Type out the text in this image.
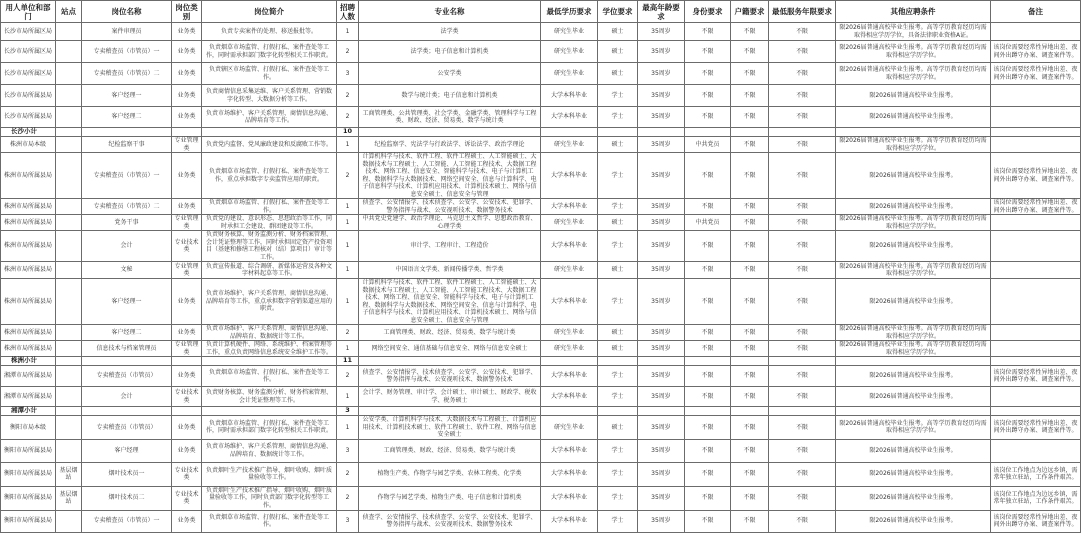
用人单位和部门	站点	岗位名称	岗位类别	岗位简介	招聘人数	专业名称	最低学历要求	学位要求	最高年龄要求	身份要求	户籍要求	最低服务年限要求	其他应聘条件	备注
长沙市局所属区局		案件审理员	业务类	负责专卖案件的处理、移送报批等。	1	法学类	研究生毕业	硕士	35周岁	不限	不限	不限	限2026届普通高校毕业生报考。高等学历教育经历均需取得相应学历学位，具备法律职业资格A证。	
长沙市局所属区局		专卖稽查员（市管员）一	业务类	负责烟草市场监管、打假打私、案件查处等工作，同时需承担部门数字化转型相关工作职责。	2	法学类；电子信息和计算机类	研究生毕业	硕士	35周岁	不限	不限	不限	限2026届普通高校毕业生报考。高等学历教育经历均需取得相应学历学位。	该岗位需要经常性异地出差、夜间外出蹲守办案、调查案件等。
长沙市局所属区局		专卖稽查员（市管员）二	业务类	负责辖区市场监管、打假打私、案件查处等工作。	3	公安学类	研究生毕业	硕士	35周岁	不限	不限	不限	限2026届普通高校毕业生报考。高等学历教育经历均需取得相应学历学位。	该岗位需要经常性异地出差、夜间外出蹲守办案、调查案件等。
长沙市局所属县局		客户经理一	业务类	负责商情信息采集运维、客户关系管理、营销数字化转型、大数据分析等工作。	2	数学与统计类；电子信息和计算机类	大学本科毕业	学士	35周岁	不限	不限	不限	限2026届普通高校毕业生报考。	
长沙市局所属县局		客户经理二	业务类	负责市场维护、客户关系管理、商情信息沟通、品牌培育等工作。	2	工商管理类、公共管理类、社会学类、金融学类、管理科学与工程类、财政、经济、贸易类、数学与统计类	大学本科毕业	学士	35周岁	不限	不限	不限	限2026届普通高校毕业生报考。	
长沙小计					10									
株洲市局本级		纪检监察干事	专业管理类	负责党内监督、党风廉政建设和反腐败工作等。	1	纪检监察学、宪法学与行政法学、诉讼法学、政治学理论	研究生毕业	硕士	35周岁	中共党员	不限	不限	限2026届普通高校毕业生报考。高等学历教育经历均需取得相应学历学位。	
株洲市局所属县局		专卖稽查员（市管员）一	业务类	负责烟草市场监管、打假打私、案件查处等工作，重点承担数字专卖监管应用的职责。	2	计算机科学与技术、软件工程、软件工程硕士、人工智能硕士、大数据技术与工程硕士、人工智能、人工智能工程技术、大数据工程技术、网络工程、信息安全、智能科学与技术、电子与计算机工程、数据科学与大数据技术、网络空间安全、信息与计算科学、电子信息科学与技术、计算机应用技术、计算机技术硕士、网络与信息安全硕士、信息安全与管理	大学本科毕业	学士	35周岁	不限	不限	不限	限2026届普通高校毕业生报考。	该岗位需要经常性异地出差、夜间外出蹲守办案、调查案件等。
株洲市局所属县局		专卖稽查员（市管员）二	业务类	负责烟草市场监管、打假打私、案件查处等工作。	1	侦查学、公安情报学、技术侦查学、公安学、公安技术、犯罪学、警务指挥与战术、公安视听技术、数据警务技术	大学本科毕业	学士	35周岁	不限	不限	不限	限2026届普通高校毕业生报考。	该岗位需要经常性异地出差、夜间外出蹲守办案、调查案件等。
株洲市局所属县局		党务干事	专业管理类	负责党的建设、意识形态、思想政治等工作，同时承担工会建设、群团建设等工作。	1	中共党史党建学、政治学理论、马克思主义哲学、思想政治教育、心理学类	研究生毕业	硕士	35周岁	中共党员	不限	不限	限2026届普通高校毕业生报考。高等学历教育经历均需取得相应学历学位。	
株洲市局所属县局		会计	专业技术类	负责财务核算、财务监测分析、财务档案管理、会计凭证整理等工作，同时承担固定资产投资项目（基建和修缮工程核对（结）算项目）审计等工作。	1	审计学、工程审计、工程造价	大学本科毕业	学士	35周岁	不限	不限	不限	限2026届普通高校毕业生报考。	
株洲市局所属县局		文秘	专业管理类	负责宣传报道、综合调研、新媒体运营及各种文字材料起草等工作。	1	中国语言文学类、新闻传播学类、哲学类	研究生毕业	硕士	35周岁	不限	不限	不限	限2026届普通高校毕业生报考。高等学历教育经历均需取得相应学历学位。	
株洲市局所属县局		客户经理一	业务类	负责市场维护、客户关系管理、商情信息沟通、品牌培育等工作，重点承担数字营销渠道应用的职责。	1	计算机科学与技术、软件工程、软件工程硕士、人工智能硕士、大数据技术与工程硕士、人工智能、人工智能工程技术、大数据工程技术、网络工程、信息安全、智能科学与技术、电子与计算机工程、数据科学与大数据技术、网络空间安全、信息与计算科学、电子信息科学与技术、计算机应用技术、计算机技术硕士、网络与信息安全硕士、信息安全与管理	大学本科毕业	学士	35周岁	不限	不限	不限	限2026届普通高校毕业生报考。	
株洲市局所属县局		客户经理二	业务类	负责市场维护、客户关系管理、商情信息沟通、品牌培育、数据统计等工作。	2	工商管理类、财政、经济、贸易类、数学与统计类	研究生毕业	硕士	35周岁	不限	不限	不限	限2026届普通高校毕业生报考。高等学历教育经历均需取得相应学历学位。	
株洲市局所属县局		信息技术与档案管理员	专业管理类	负责计算机硬件、网络、系统维护、档案管理等工作，重点负责网络信息系统安全维护工作等。	1	网络空间安全、通信基础与信息安全、网络与信息安全硕士	研究生毕业	硕士	35周岁	不限	不限	不限	限2026届普通高校毕业生报考。高等学历教育经历均需取得相应学历学位。	
株洲小计					11									
湘潭市局所属县局		专卖稽查员（市管员）	业务类	负责烟草市场监管、打假打私、案件查处等工作。	2	侦查学、公安情报学、技术侦查学、公安学、公安技术、犯罪学、警务指挥与战术、公安视听技术、数据警务技术	大学本科毕业	学士	35周岁	不限	不限	不限	限2026届普通高校毕业生报考。	该岗位需要经常性异地出差、夜间外出蹲守办案、调查案件等。
湘潭市局所属县局		会计	专业技术类	负责财务核算、财务监测分析、财务档案管理、会计凭证整理等工作。	1	会计学、财务管理、审计学、会计硕士、审计硕士、财政学、税收学、税务硕士	大学本科毕业	学士	35周岁	不限	不限	不限	限2026届普通高校毕业生报考。	
湘潭小计					3									
衡阳市局本级		专卖稽查员（市管员）	业务类	负责烟草市场监管、打假打私、案件查处等工作，同时需承担部门数字化转型相关工作职责。	1	公安学类、计算机科学与技术、大数据技术与工程硕士、计算机应用技术、计算机技术硕士、软件工程硕士、软件工程、网络与信息安全硕士	研究生毕业	硕士	35周岁	不限	不限	不限	限2026届普通高校毕业生报考。高等学历教育经历均需取得相应学历学位。	该岗位需要经常性异地出差、夜间外出蹲守办案、调查案件等。
衡阳市局所属县局		客户经理	业务类	负责市场维护、客户关系管理、商情信息沟通、品牌培育、数据统计等工作。	3	工商管理类、财政、经济、贸易类、数学与统计类	大学本科毕业	学士	35周岁	不限	不限	不限	限2026届普通高校毕业生报考。	
衡阳市局所属县局	基层烟站	烟叶技术员一	专业技术类	负责烟叶生产技术推广指导、烟叶收购、烟叶质量验收等工作。	2	植物生产类、作物学与园艺学类、农林工程类、化学类	大学本科毕业	学士	35周岁	不限	不限	不限	限2026届普通高校毕业生报考。	该岗位工作地点为边远乡镇，需常年独立驻站，工作条件艰苦。
衡阳市局所属县局	基层烟站	烟叶技术员二	专业技术类	负责烟叶生产技术推广指导、烟叶收购、烟叶质量验收等工作，同时负责部门数字化转型等工作。	2	作物学与园艺学类、植物生产类、电子信息和计算机类	大学本科毕业	学士	35周岁	不限	不限	不限	限2026届普通高校毕业生报考。	该岗位工作地点为边远乡镇，需常年独立驻站，工作条件艰苦。
衡阳市局所属县局		专卖稽查员（市管员）一	业务类	负责烟草市场监管、打假打私、案件查处等工作。	3	侦查学、公安情报学、技术侦查学、公安学、公安技术、犯罪学、警务指挥与战术、公安视听技术、数据警务技术	大学本科毕业	学士	35周岁	不限	不限	不限	限2026届普通高校毕业生报考。	该岗位需要经常性异地出差、夜间外出蹲守办案、调查案件等。
